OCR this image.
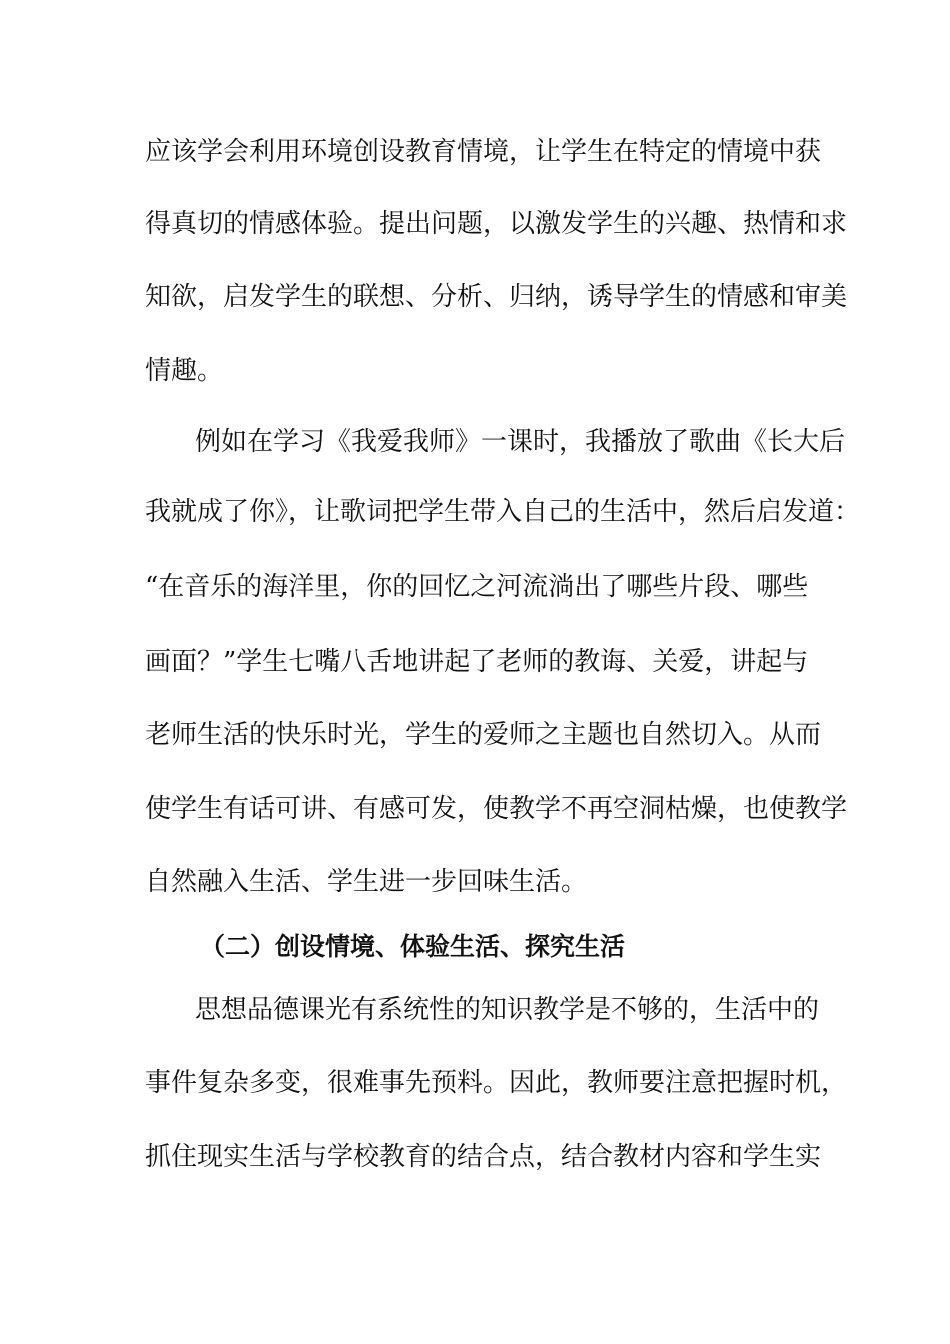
应该学会利用环境创设教育情境，让学生在特定的情境中获
得真切的情感体验。提出问题，以激发学生的兴趣、热情和求
知欲，启发学生的联想、分析、归纳，诱导学生的情感和审美
情趣。
例如在学习《我爱我师》一课时，我播放了歌曲《长大后
我就成了你》，让歌词把学生带入自己的生活中，然后启发道：
“在音乐的海洋里，你的回忆之河流淌出了哪些片段、哪些
画面？”学生七嘴八舌地讲起了老师的教诲、关爱，讲起与
老师生活的快乐时光，学生的爱师之主题也自然切入。从而
使学生有话可讲、有感可发，使教学不再空洞枯燥，也使教学
自然融入生活、学生进一步回味生活。
（二）创设情境、体验生活、探究生活
思想品德课光有系统性的知识教学是不够的，生活中的
事件复杂多变，很难事先预料。因此，教师要注意把握时机，
抓住现实生活与学校教育的结合点，结合教材内容和学生实
